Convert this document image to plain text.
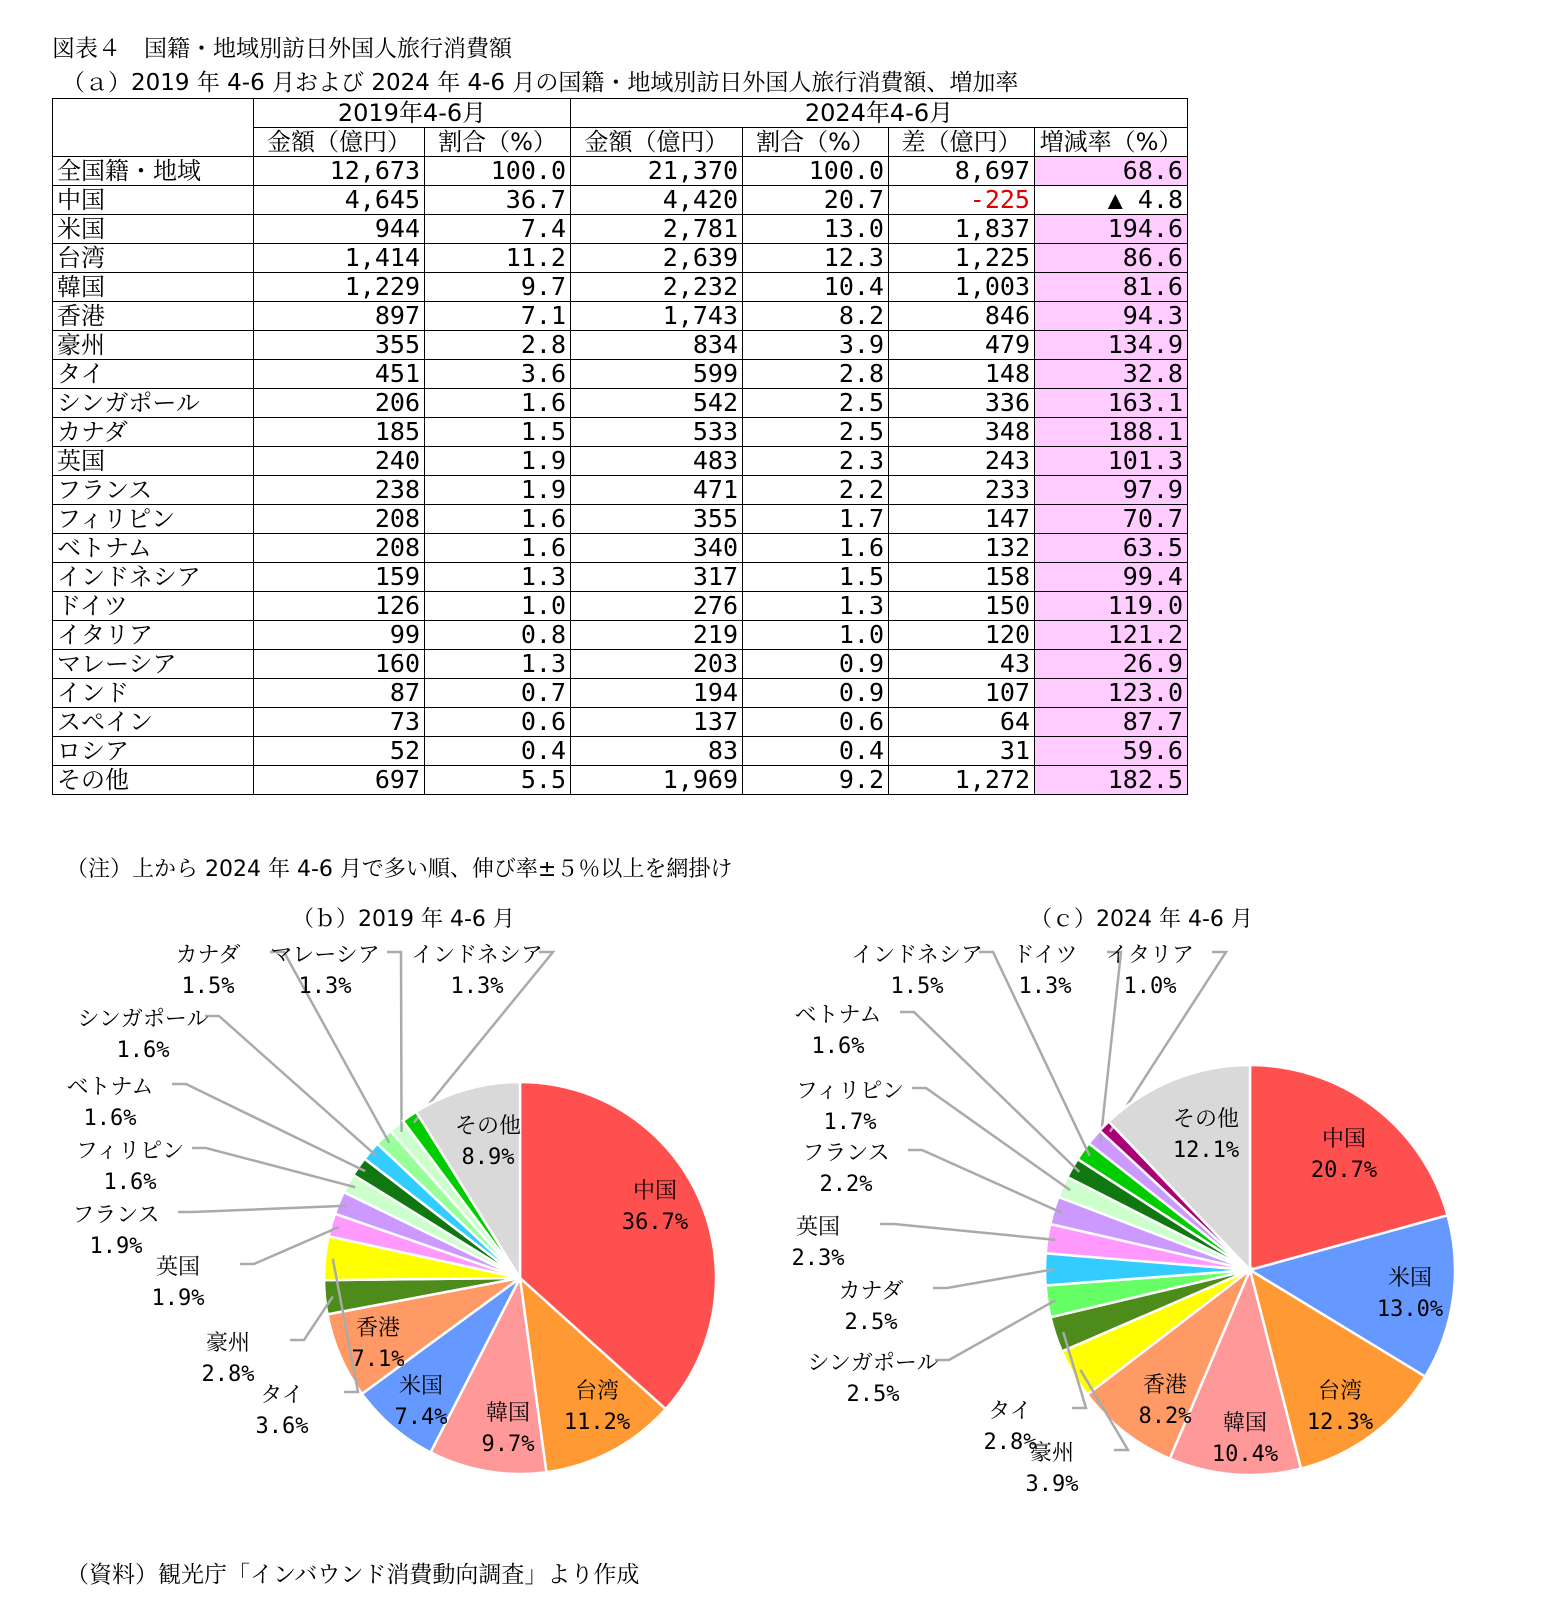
図表４　国籍・地域別訪日外国人旅行消費額
（ａ）2019 年 4-6 月および 2024 年 4-6 月の国籍・地域別訪日外国人旅行消費額、増加率
	2019年4-6月		2024年4-6月			
	金額（億円）	割合（%）	金額（億円）	割合（%）	差（億円）	増減率（%）
全国籍・地域	12,673	100.0	21,370	100.0	8,697	68.6
中国	4,645	36.7	4,420	20.7	-225	▲ 4.8
米国	944	7.4	2,781	13.0	1,837	194.6
台湾	1,414	11.2	2,639	12.3	1,225	86.6
韓国	1,229	9.7	2,232	10.4	1,003	81.6
香港	897	7.1	1,743	8.2	846	94.3
豪州	355	2.8	834	3.9	479	134.9
タイ	451	3.6	599	2.8	148	32.8
シンガポール	206	1.6	542	2.5	336	163.1
カナダ	185	1.5	533	2.5	348	188.1
英国	240	1.9	483	2.3	243	101.3
フランス	238	1.9	471	2.2	233	97.9
フィリピン	208	1.6	355	1.7	147	70.7
ベトナム	208	1.6	340	1.6	132	63.5
インドネシア	159	1.3	317	1.5	158	99.4
ドイツ	126	1.0	276	1.3	150	119.0
イタリア	99	0.8	219	1.0	120	121.2
マレーシア	160	1.3	203	0.9	43	26.9
インド	87	0.7	194	0.9	107	123.0
スペイン	73	0.6	137	0.6	64	87.7
ロシア	52	0.4	83	0.4	31	59.6
その他	697	5.5	1,969	9.2	1,272	182.5
（注）上から 2024 年 4-6 月で多い順、伸び率±５％以上を網掛け
（ｂ）2019 年 4-6 月	（ｃ）2024 年 4-6 月
中国
36.7%
台湾
11.2%
韓国
9.7%
米国
7.4%
香港
7.1%
豪州
2.8%
タイ
3.6%
英国
1.9%
フランス
1.9%
フィリピン
1.6%
ベトナム
1.6%
シンガポール
1.6%
カナダ
1.5%
マレーシア
1.3%
インドネシア
1.3%
その他
8.9%
中国
20.7%
米国
13.0%
台湾
12.3%
韓国
10.4%
香港
8.2%
豪州
3.9%
タイ
2.8%
シンガポール
2.5%
カナダ
2.5%
英国
2.3%
フランス
2.2%
フィリピン
1.7%
ベトナム
1.6%
インドネシア
1.5%
ドイツ
1.3%
イタリア
1.0%
その他
12.1%
（資料）観光庁「インバウンド消費動向調査」より作成
